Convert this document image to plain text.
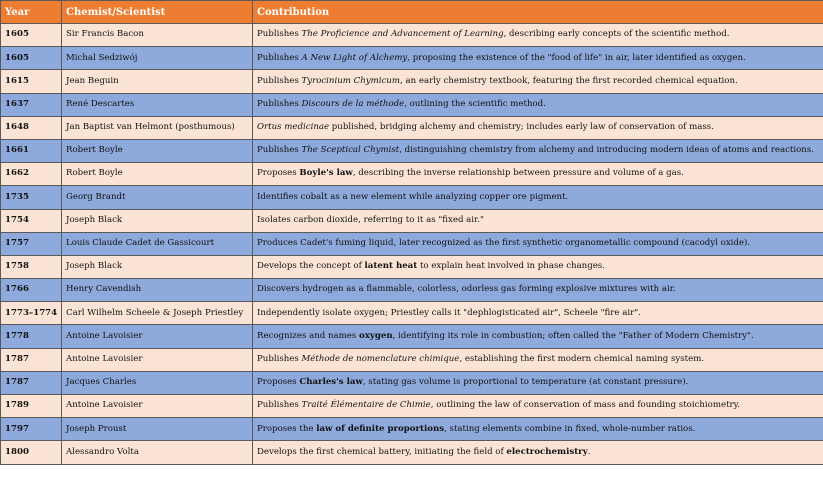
Year	Chemist/Scientist	Contribution
1605	Sir Francis Bacon	Publishes The Proficience and Advancement of Learning, describing early concepts of the scientific method.
1605	Michal Sedziwój	Publishes A New Light of Alchemy, proposing the existence of the "food of life" in air, later identified as oxygen.
1615	Jean Beguin	Publishes Tyrocinium Chymicum, an early chemistry textbook, featuring the first recorded chemical equation.
1637	René Descartes	Publishes Discours de la méthode, outlining the scientific method.
1648	Jan Baptist van Helmont (posthumous)	Ortus medicinae published, bridging alchemy and chemistry; includes early law of conservation of mass.
1661	Robert Boyle	Publishes The Sceptical Chymist, distinguishing chemistry from alchemy and introducing modern ideas of atoms and reactions.
1662	Robert Boyle	Proposes Boyle's law, describing the inverse relationship between pressure and volume of a gas.
1735	Georg Brandt	Identifies cobalt as a new element while analyzing copper ore pigment.
1754	Joseph Black	Isolates carbon dioxide, referring to it as "fixed air."
1757	Louis Claude Cadet de Gassicourt	Produces Cadet's fuming liquid, later recognized as the first synthetic organometallic compound (cacodyl oxide).
1758	Joseph Black	Develops the concept of latent heat to explain heat involved in phase changes.
1766	Henry Cavendish	Discovers hydrogen as a flammable, colorless, odorless gas forming explosive mixtures with air.
1773–1774	Carl Wilhelm Scheele & Joseph Priestley	Independently isolate oxygen; Priestley calls it "dephlogisticated air", Scheele "fire air".
1778	Antoine Lavoisier	Recognizes and names oxygen, identifying its role in combustion; often called the "Father of Modern Chemistry".
1787	Antoine Lavoisier	Publishes Méthode de nomenclature chimique, establishing the first modern chemical naming system.
1787	Jacques Charles	Proposes Charles's law, stating gas volume is proportional to temperature (at constant pressure).
1789	Antoine Lavoisier	Publishes Traité Élémentaire de Chimie, outlining the law of conservation of mass and founding stoichiometry.
1797	Joseph Proust	Proposes the law of definite proportions, stating elements combine in fixed, whole-number ratios.
1800	Alessandro Volta	Develops the first chemical battery, initiating the field of electrochemistry.
